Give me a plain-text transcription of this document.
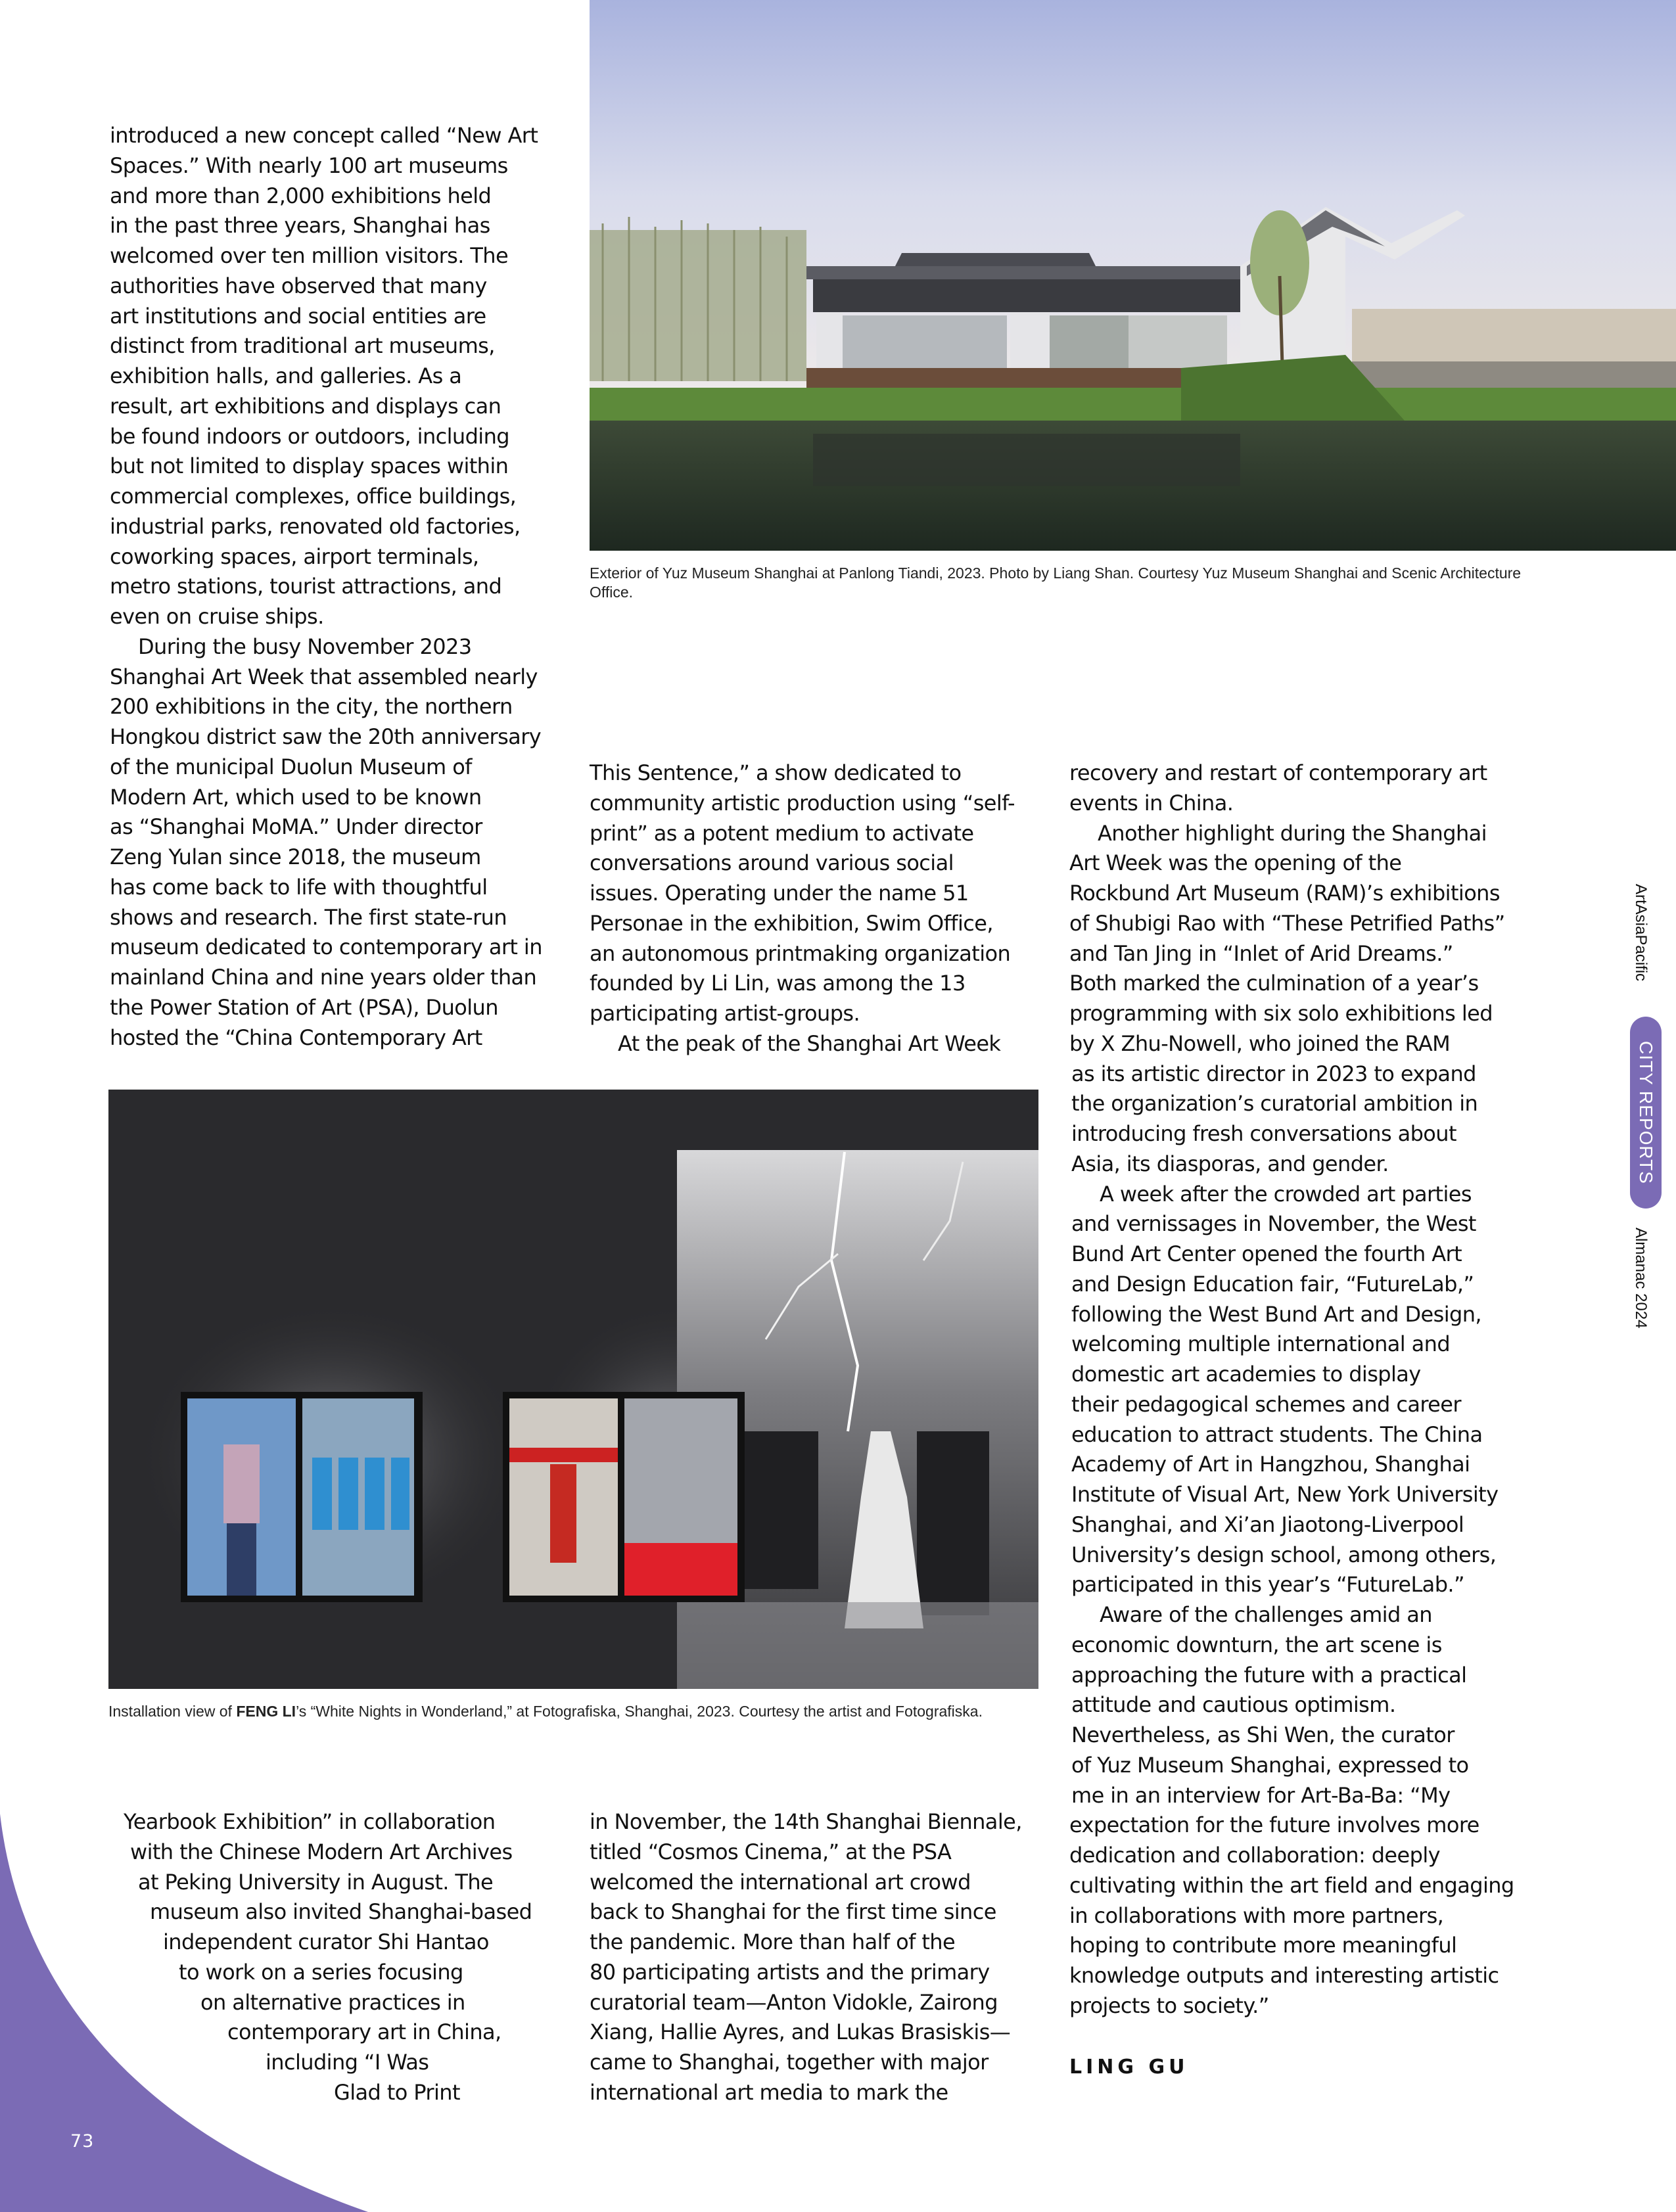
73
Exterior of Yuz Museum Shanghai at Panlong Tiandi, 2023. Photo by Liang Shan. Courtesy Yuz Museum Shanghai and Scenic Architecture Office.
Installation view of FENG LI’s “White Nights in Wonderland,” at Fotografiska, Shanghai, 2023. Courtesy the artist and Fotografiska.
introduced a new concept called “New Art
Spaces.” With nearly 100 art museums
and more than 2,000 exhibitions held
in the past three years, Shanghai has
welcomed over ten million visitors. The
authorities have observed that many
art institutions and social entities are
distinct from traditional art museums,
exhibition halls, and galleries. As a
result, art exhibitions and displays can
be found indoors or outdoors, including
but not limited to display spaces within
commercial complexes, office buildings,
industrial parks, renovated old factories,
coworking spaces, airport terminals,
metro stations, tourist attractions, and
even on cruise ships.
During the busy November 2023
Shanghai Art Week that assembled nearly
200 exhibitions in the city, the northern
Hongkou district saw the 20th anniversary
of the municipal Duolun Museum of
Modern Art, which used to be known
as “Shanghai MoMA.” Under director
Zeng Yulan since 2018, the museum
has come back to life with thoughtful
shows and research. The first state-run
museum dedicated to contemporary art in
mainland China and nine years older than
the Power Station of Art (PSA), Duolun
hosted the “China Contemporary Art
Yearbook Exhibition” in collaboration
with the Chinese Modern Art Archives
at Peking University in August. The
museum also invited Shanghai-based
independent curator Shi Hantao
to work on a series focusing
on alternative practices in
contemporary art in China,
including “I Was
Glad to Print
This Sentence,” a show dedicated to
community artistic production using “self-
print” as a potent medium to activate
conversations around various social
issues. Operating under the name 51
Personae in the exhibition, Swim Office,
an autonomous printmaking organization
founded by Li Lin, was among the 13
participating artist-groups.
At the peak of the Shanghai Art Week
in November, the 14th Shanghai Biennale,
titled “Cosmos Cinema,” at the PSA
welcomed the international art crowd
back to Shanghai for the first time since
the pandemic. More than half of the
80 participating artists and the primary
curatorial team—Anton Vidokle, Zairong
Xiang, Hallie Ayres, and Lukas Brasiskis—
came to Shanghai, together with major
international art media to mark the
recovery and restart of contemporary art
events in China.
Another highlight during the Shanghai
Art Week was the opening of the
Rockbund Art Museum (RAM)’s exhibitions
of Shubigi Rao with “These Petrified Paths”
and Tan Jing in “Inlet of Arid Dreams.”
Both marked the culmination of a year’s
programming with six solo exhibitions led
by X Zhu-Nowell, who joined the RAM
as its artistic director in 2023 to expand
the organization’s curatorial ambition in
introducing fresh conversations about
Asia, its diasporas, and gender.
A week after the crowded art parties
and vernissages in November, the West
Bund Art Center opened the fourth Art
and Design Education fair, “FutureLab,”
following the West Bund Art and Design,
welcoming multiple international and
domestic art academies to display
their pedagogical schemes and career
education to attract students. The China
Academy of Art in Hangzhou, Shanghai
Institute of Visual Art, New York University
Shanghai, and Xi’an Jiaotong-Liverpool
University’s design school, among others,
participated in this year’s “FutureLab.”
Aware of the challenges amid an
economic downturn, the art scene is
approaching the future with a practical
attitude and cautious optimism.
Nevertheless, as Shi Wen, the curator
of Yuz Museum Shanghai, expressed to
me in an interview for Art-Ba-Ba: “My
expectation for the future involves more
dedication and collaboration: deeply
cultivating within the art field and engaging
in collaborations with more partners,
hoping to contribute more meaningful
knowledge outputs and interesting artistic
projects to society.”
LING GU
ArtAsiaPacific
CITY REPORTS
Almanac 2024
